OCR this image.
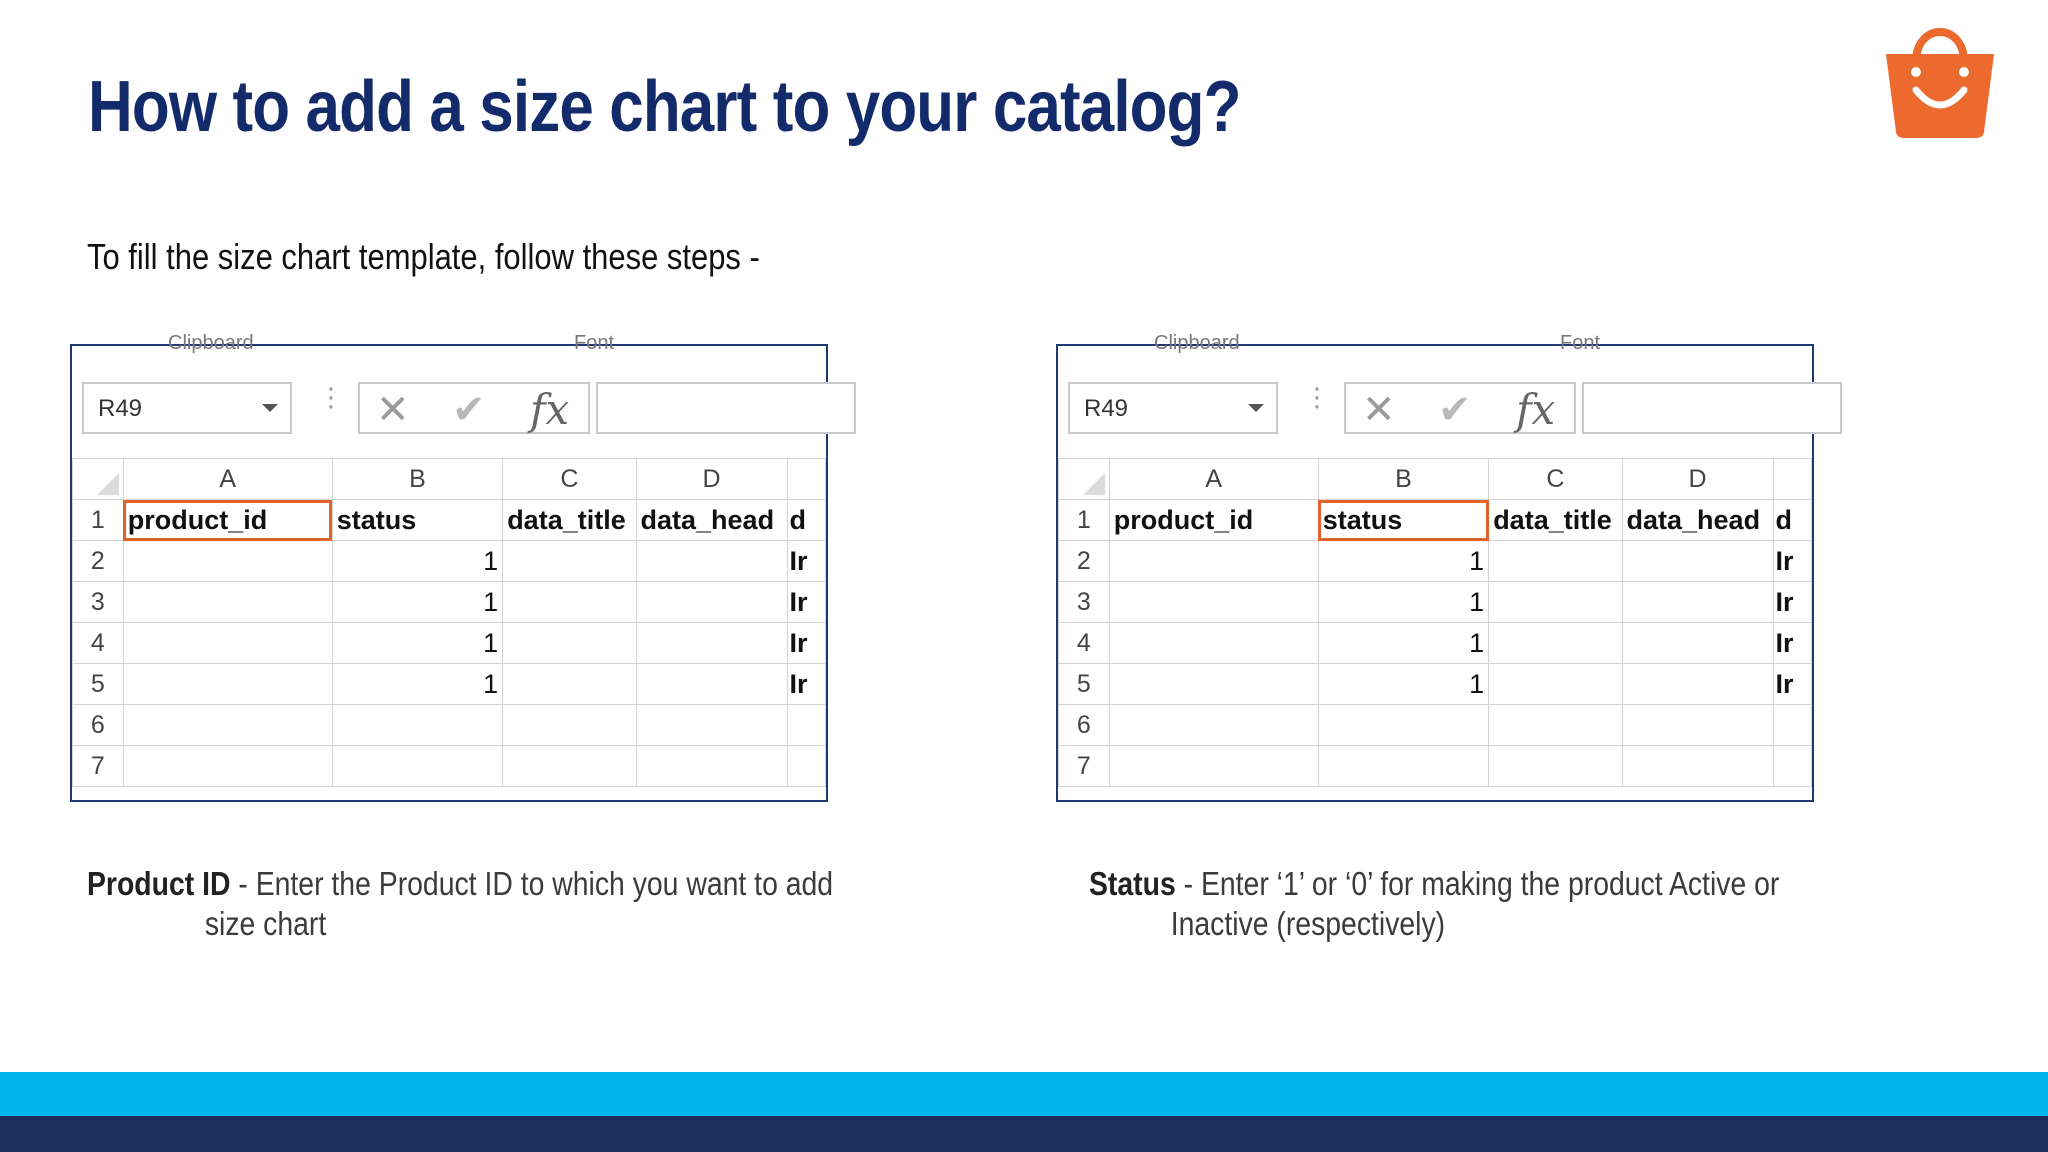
How to add a size chart to your catalog?
To fill the size chart template, follow these steps -
Clipboard	Font
R49	⋮ ✕ ✔ fx
	A	B	C	D	
1	product_id	status	data_title	data_head	d
2		1			Ir
3		1			Ir
4		1			Ir
5		1			Ir
6					
7					
Clipboard	Font
R49	⋮ ✕ ✔ fx
	A	B	C	D	
1	product_id	status	data_title	data_head	d
2		1			Ir
3		1			Ir
4		1			Ir
5		1			Ir
6					
7					
Product ID - Enter the Product ID to which you want to add
size chart
Status - Enter ‘1’ or ‘0’ for making the product Active or
Inactive (respectively)
